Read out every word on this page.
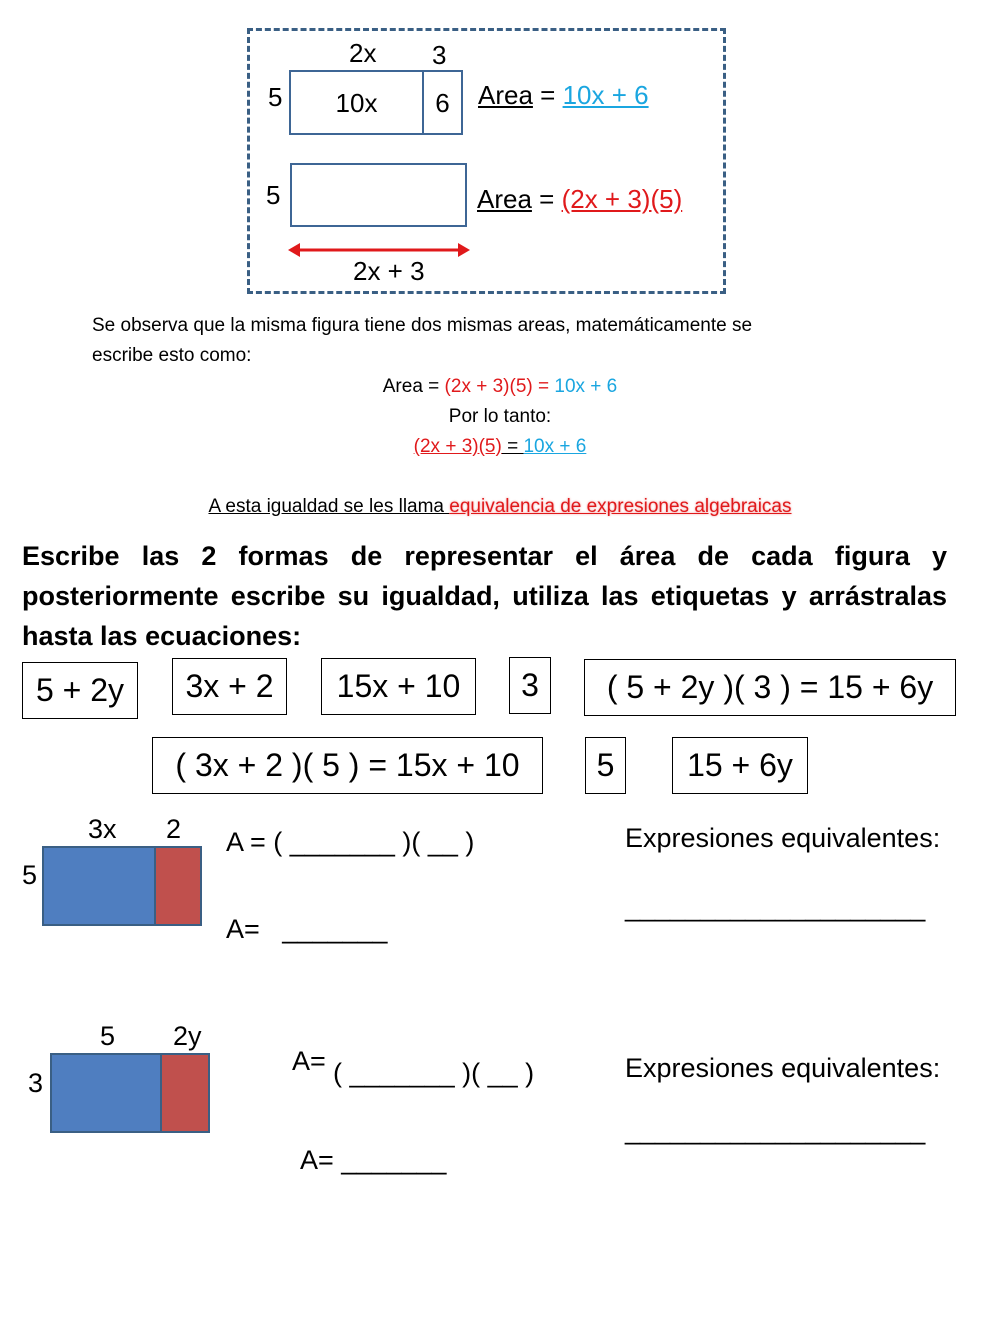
2x 3
5	10x	6	Area = 10x + 6
5
2x + 3
Area = (2x + 3)(5)
Se observa que la misma figura tiene dos mismas areas, matemáticamente se
escribe esto como:
Area = (2x + 3)(5) = 10x + 6
Por lo tanto:
(2x + 3)(5) = 10x + 6
A esta igualdad se les llama equivalencia de expresiones algebraicas
Escribe las 2 formas de representar el área de cada figura y posteriormente escribe su igualdad, utiliza las etiquetas y arrástralas hasta las ecuaciones:
5 + 2y	3x + 2	15x + 10	3	( 5 + 2y )( 3 ) = 15 + 6y
( 3x + 2 )( 5 ) = 15x + 10	5	15 + 6y
3x 2
5
A = ( _______ )( __ )
A=   _______
Expresiones equivalentes:
____________________
5 2y
3
A= ( _______ )( __ )
A= _______
Expresiones equivalentes:
____________________
